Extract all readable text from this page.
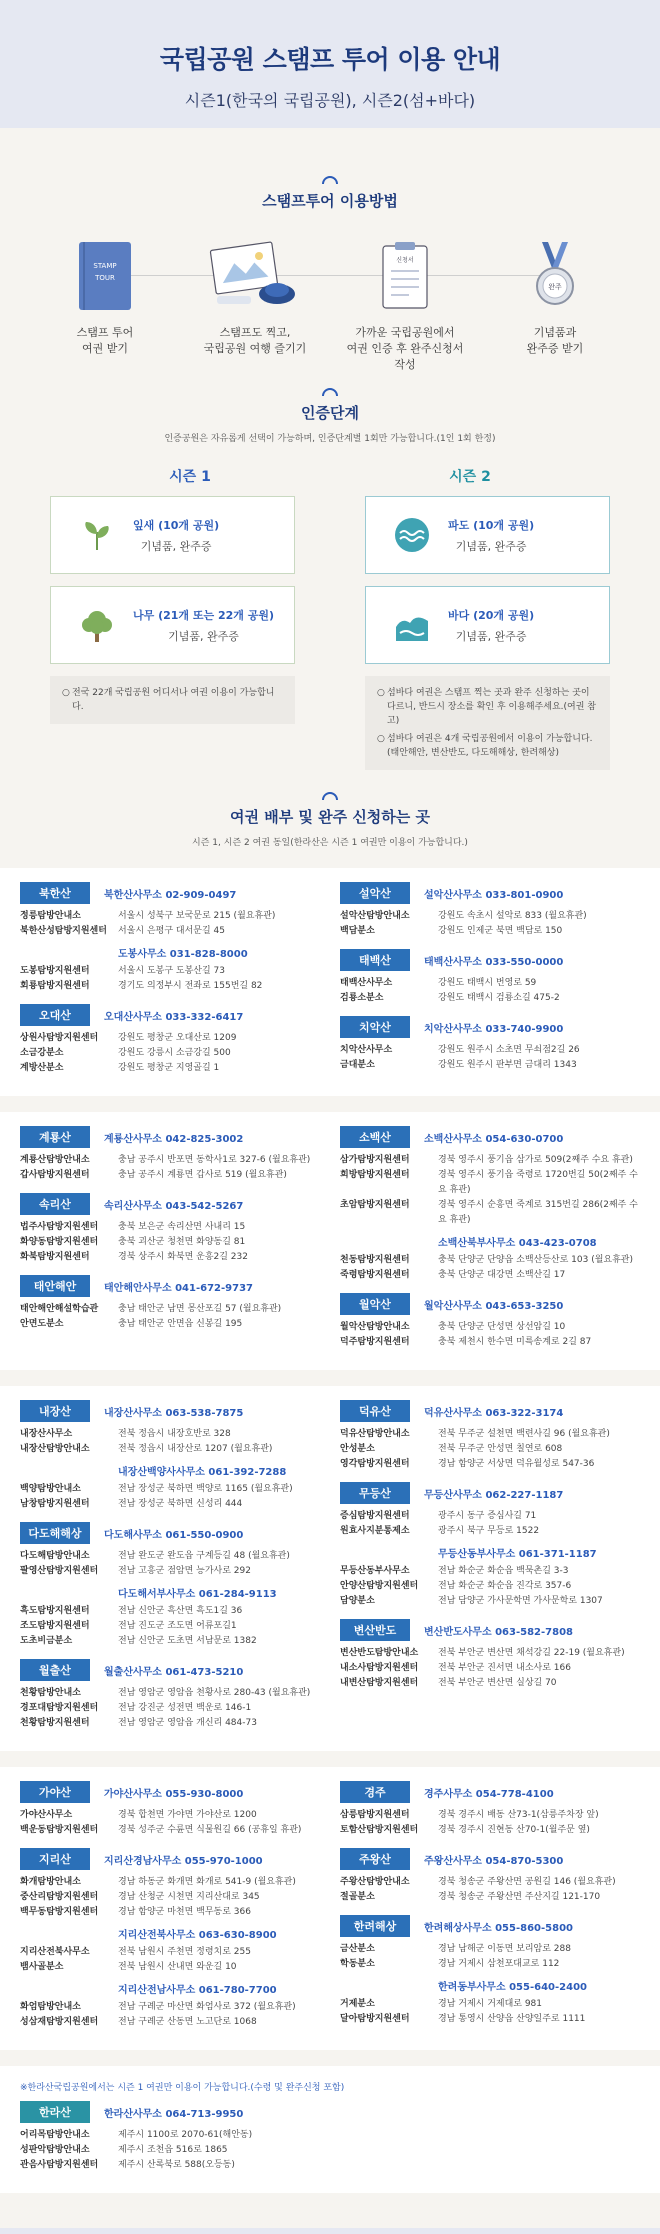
국립공원 스탬프 투어 이용 안내
시즌1(한국의 국립공원), 시즌2(섬+바다)
스탬프투어 이용방법
STAMP
TOUR
스탬프 투어
여권 받기
스탬프도 찍고,
국립공원 여행 즐기기
신청서
가까운 국립공원에서
여권 인증 후 완주신청서 작성
완주
기념품과
완주증 받기
인증단계
인증공원은 자유롭게 선택이 가능하며, 인증단계별 1회만 가능합니다.(1인 1회 한정)
시즌 1	시즌 2
잎새 (10개 공원)
기념품, 완주증
나무 (21개 또는 22개 공원)
기념품, 완주증
○ 전국 22개 국립공원 어디서나 여권 이용이 가능합니다.
파도 (10개 공원)
기념품, 완주증
바다 (20개 공원)
기념품, 완주증
○ 섬바다 여권은 스탬프 찍는 곳과 완주 신청하는 곳이 다르니, 반드시 장소를 확인 후 이용해주세요.(여권 참고)
○ 섬바다 여권은 4개 국립공원에서 이용이 가능합니다. (태안해안, 변산반도, 다도해해상, 한려해상)
여권 배부 및 완주 신청하는 곳
시즌 1, 시즌 2 여권 동일(한라산은 시즌 1 여권만 이용이 가능합니다.)
북한산	북한산사무소 02-909-0497
정릉탐방안내소	서울시 성북구 보국문로 215 (월요휴관)
북한산성탐방지원센터	서울시 은평구 대서문길 45
도봉사무소 031-828-8000
도봉탐방지원센터	서울시 도봉구 도봉산길 73
회룡탐방지원센터	경기도 의정부시 전좌로 155번길 82
오대산	오대산사무소 033-332-6417
상원사탐방지원센터	강원도 평창군 오대산로 1209
소금강분소	강원도 강릉시 소금강길 500
계방산분소	강원도 평창군 지영골길 1
설악산	설악산사무소 033-801-0900
설악산탐방안내소	강원도 속초시 설악로 833 (월요휴관)
백담분소	강원도 인제군 북면 백담로 150
태백산	태백산사무소 033-550-0000
태백산사무소	강원도 태백시 번영로 59
검룡소분소	강원도 태백시 검룡소길 475-2
치악산	치악산사무소 033-740-9900
치악산사무소	강원도 원주시 소초면 무쇠점2길 26
금대분소	강원도 원주시 판부면 금대리 1343
계룡산	계룡산사무소 042-825-3002
계룡산탐방안내소	충남 공주시 반포면 동학사1로 327-6 (월요휴관)
갑사탐방지원센터	충남 공주시 계룡면 갑사로 519 (월요휴관)
속리산	속리산사무소 043-542-5267
법주사탐방지원센터	충북 보은군 속리산면 사내리 15
화양동탐방지원센터	충북 괴산군 청천면 화양동길 81
화북탐방지원센터	경북 상주시 화북면 운흥2길 232
태안해안	태안해안사무소 041-672-9737
태안해안해설학습관	충남 태안군 남면 몽산포길 57 (월요휴관)
안면도분소	충남 태안군 안면읍 신봉길 195
소백산	소백산사무소 054-630-0700
삼가탐방지원센터	경북 영주시 풍기읍 삼가로 509(2째주 수요 휴관)
희방탐방지원센터	경북 영주시 풍기읍 죽령로 1720번길 50(2째주 수요 휴관)
초암탐방지원센터	경북 영주시 순흥면 죽계로 315번길 286(2째주 수요 휴관)
소백산북부사무소 043-423-0708
천동탐방지원센터	충북 단양군 단양읍 소백산등산로 103 (월요휴관)
죽령탐방지원센터	충북 단양군 대강면 소백산길 17
월악산	월악산사무소 043-653-3250
월악산탐방안내소	충북 단양군 단성면 상선암길 10
덕주탐방지원센터	충북 제천시 한수면 미륵송계로 2길 87
내장산	내장산사무소 063-538-7875
내장산사무소	전북 정읍시 내장호반로 328
내장산탐방안내소	전북 정읍시 내장산로 1207 (월요휴관)
내장산백양사사무소 061-392-7288
백양탐방안내소	전남 장성군 북하면 백양로 1165 (월요휴관)
남창탐방지원센터	전남 장성군 북하면 신성리 444
다도해해상	다도해사무소 061-550-0900
다도해탐방안내소	전남 완도군 완도읍 구계등길 48 (월요휴관)
팔영산탐방지원센터	전남 고흥군 점암면 능가사로 292
다도해서부사무소 061-284-9113
흑도탐방지원센터	전남 신안군 흑산면 흑도1길 36
조도탐방지원센터	전남 진도군 조도면 어류포길1
도초비금분소	전남 신안군 도초면 서남문로 1382
월출산	월출산사무소 061-473-5210
천황탐방안내소	전남 영암군 영암읍 천황사로 280-43 (월요휴관)
경포대탐방지원센터	전남 강진군 성전면 백운로 146-1
천황탐방지원센터	전남 영암군 영암읍 개신리 484-73
덕유산	덕유산사무소 063-322-3174
덕유산탐방안내소	전북 무주군 설천면 백련사길 96 (월요휴관)
안성분소	전북 무주군 안성면 칠연로 608
영각탐방지원센터	경남 함양군 서상면 덕유월성로 547-36
무등산	무등산사무소 062-227-1187
증심탐방지원센터	광주시 동구 증심사길 71
원효사지분통제소	광주시 북구 무등로 1522
무등산동부사무소 061-371-1187
무등산동부사무소	전남 화순군 화순읍 백묵촌길 3-3
안양산탐방지원센터	전남 화순군 화순읍 진각로 357-6
담양분소	전남 담양군 가사문학면 가사문학로 1307
변산반도	변산반도사무소 063-582-7808
변산반도탐방안내소	전북 부안군 변산면 채석강길 22-19 (월요휴관)
내소사탐방지원센터	전북 부안군 진서면 내소사로 166
내변산탐방지원센터	전북 부안군 변산면 실상길 70
가야산	가야산사무소 055-930-8000
가야산사무소	경북 합천면 가야면 가야산로 1200
백운동탐방지원센터	경북 성주군 수륜면 식물원길 66 (공휴일 휴관)
지리산	지리산경남사무소 055-970-1000
화개탐방안내소	경남 하동군 화개면 화개로 541-9 (월요휴관)
중산리탐방지원센터	경남 산청군 시천면 지리산대로 345
백무동탐방지원센터	경남 함양군 마천면 백무동로 366
지리산전북사무소 063-630-8900
지리산전북사무소	전북 남원시 주천면 정령치로 255
뱀사골분소	전북 남원시 산내면 와운길 10
지리산전남사무소 061-780-7700
화엄탐방안내소	전남 구례군 마산면 화엄사로 372 (월요휴관)
성삼재탐방지원센터	전남 구례군 산동면 노고단로 1068
경주	경주사무소 054-778-4100
삼릉탐방지원센터	경북 경주시 배동 산73-1(삼릉주차장 앞)
토함산탐방지원센터	경북 경주시 진현동 산70-1(월주문 옆)
주왕산	주왕산사무소 054-870-5300
주왕산탐방안내소	경북 청송군 주왕산면 공원길 146 (월요휴관)
절골분소	경북 청송군 주왕산면 주산지길 121-170
한려해상	한려해상사무소 055-860-5800
금산분소	경남 남해군 이동면 보리암로 288
학동분소	경남 거제시 삼천포대교로 112
한려동부사무소 055-640-2400
거제분소	경남 거제시 거제대로 981
달아탐방지원센터	경남 통영시 산양읍 산양일주로 1111
※한라산국립공원에서는 시즌 1 여권만 이용이 가능합니다.(수령 및 완주신청 포함)
한라산	한라산사무소 064-713-9950
어리목탐방안내소	제주시 1100로 2070-61(해안동)
성판악탐방안내소	제주시 조천읍 516로 1865
관음사탐방지원센터	제주시 산록북로 588(오등동)
